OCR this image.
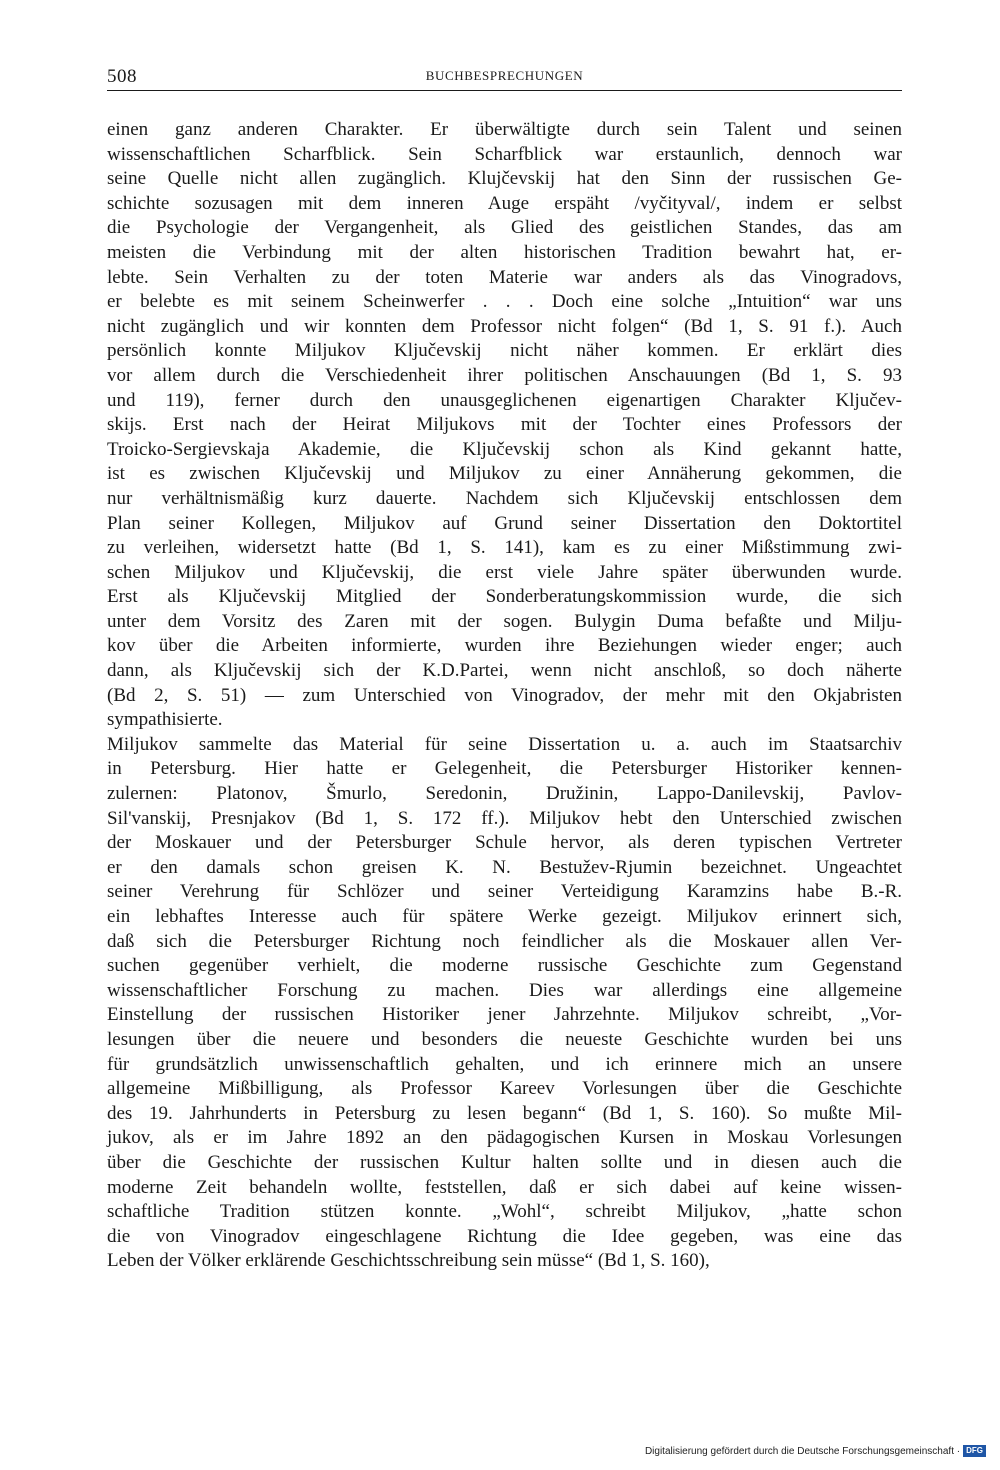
508	BUCHBESPRECHUNGEN
einen ganz anderen Charakter. Er überwältigte durch sein Talent und seinen
wissenschaftlichen Scharfblick. Sein Scharfblick war erstaunlich, dennoch war
seine Quelle nicht allen zugänglich. Klujčevskij hat den Sinn der russischen Ge-
schichte sozusagen mit dem inneren Auge erspäht /vyčityval/, indem er selbst
die Psychologie der Vergangenheit, als Glied des geistlichen Standes, das am
meisten die Verbindung mit der alten historischen Tradition bewahrt hat, er-
lebte. Sein Verhalten zu der toten Materie war anders als das Vinogradovs,
er belebte es mit seinem Scheinwerfer . . . Doch eine solche „Intuition“ war uns
nicht zugänglich und wir konnten dem Professor nicht folgen“ (Bd 1, S. 91 f.). Auch
persönlich konnte Miljukov Ključevskij nicht näher kommen. Er erklärt dies
vor allem durch die Verschiedenheit ihrer politischen Anschauungen (Bd 1, S. 93
und 119), ferner durch den unausgeglichenen eigenartigen Charakter Ključev-
skijs. Erst nach der Heirat Miljukovs mit der Tochter eines Professors der
Troicko-Sergievskaja Akademie, die Ključevskij schon als Kind gekannt hatte,
ist es zwischen Ključevskij und Miljukov zu einer Annäherung gekommen, die
nur verhältnismäßig kurz dauerte. Nachdem sich Ključevskij entschlossen dem
Plan seiner Kollegen, Miljukov auf Grund seiner Dissertation den Doktortitel
zu verleihen, widersetzt hatte (Bd 1, S. 141), kam es zu einer Mißstimmung zwi-
schen Miljukov und Ključevskij, die erst viele Jahre später überwunden wurde.
Erst als Ključevskij Mitglied der Sonderberatungskommission wurde, die sich
unter dem Vorsitz des Zaren mit der sogen. Bulygin Duma befaßte und Milju-
kov über die Arbeiten informierte, wurden ihre Beziehungen wieder enger; auch
dann, als Ključevskij sich der K.D.Partei, wenn nicht anschloß, so doch näherte
(Bd 2, S. 51) — zum Unterschied von Vinogradov, der mehr mit den Okjabristen
sympathisierte.
Miljukov sammelte das Material für seine Dissertation u. a. auch im Staatsarchiv
in Petersburg. Hier hatte er Gelegenheit, die Petersburger Historiker kennen-
zulernen: Platonov, Šmurlo, Seredonin, Družinin, Lappo-Danilevskij, Pavlov-
Sil'vanskij, Presnjakov (Bd 1, S. 172 ff.). Miljukov hebt den Unterschied zwischen
der Moskauer und der Petersburger Schule hervor, als deren typischen Vertreter
er den damals schon greisen K. N. Bestužev-Rjumin bezeichnet. Ungeachtet
seiner Verehrung für Schlözer und seiner Verteidigung Karamzins habe B.-R.
ein lebhaftes Interesse auch für spätere Werke gezeigt. Miljukov erinnert sich,
daß sich die Petersburger Richtung noch feindlicher als die Moskauer allen Ver-
suchen gegenüber verhielt, die moderne russische Geschichte zum Gegenstand
wissenschaftlicher Forschung zu machen. Dies war allerdings eine allgemeine
Einstellung der russischen Historiker jener Jahrzehnte. Miljukov schreibt, „Vor-
lesungen über die neuere und besonders die neueste Geschichte wurden bei uns
für grundsätzlich unwissenschaftlich gehalten, und ich erinnere mich an unsere
allgemeine Mißbilligung, als Professor Kareev Vorlesungen über die Geschichte
des 19. Jahrhunderts in Petersburg zu lesen begann“ (Bd 1, S. 160). So mußte Mil-
jukov, als er im Jahre 1892 an den pädagogischen Kursen in Moskau Vorlesungen
über die Geschichte der russischen Kultur halten sollte und in diesen auch die
moderne Zeit behandeln wollte, feststellen, daß er sich dabei auf keine wissen-
schaftliche Tradition stützen konnte. „Wohl“, schreibt Miljukov, „hatte schon
die von Vinogradov eingeschlagene Richtung die Idee gegeben, was eine das
Leben der Völker erklärende Geschichtsschreibung sein müsse“ (Bd 1, S. 160),
Digitalisierung gefördert durch die Deutsche Forschungsgemeinschaft · DFG
